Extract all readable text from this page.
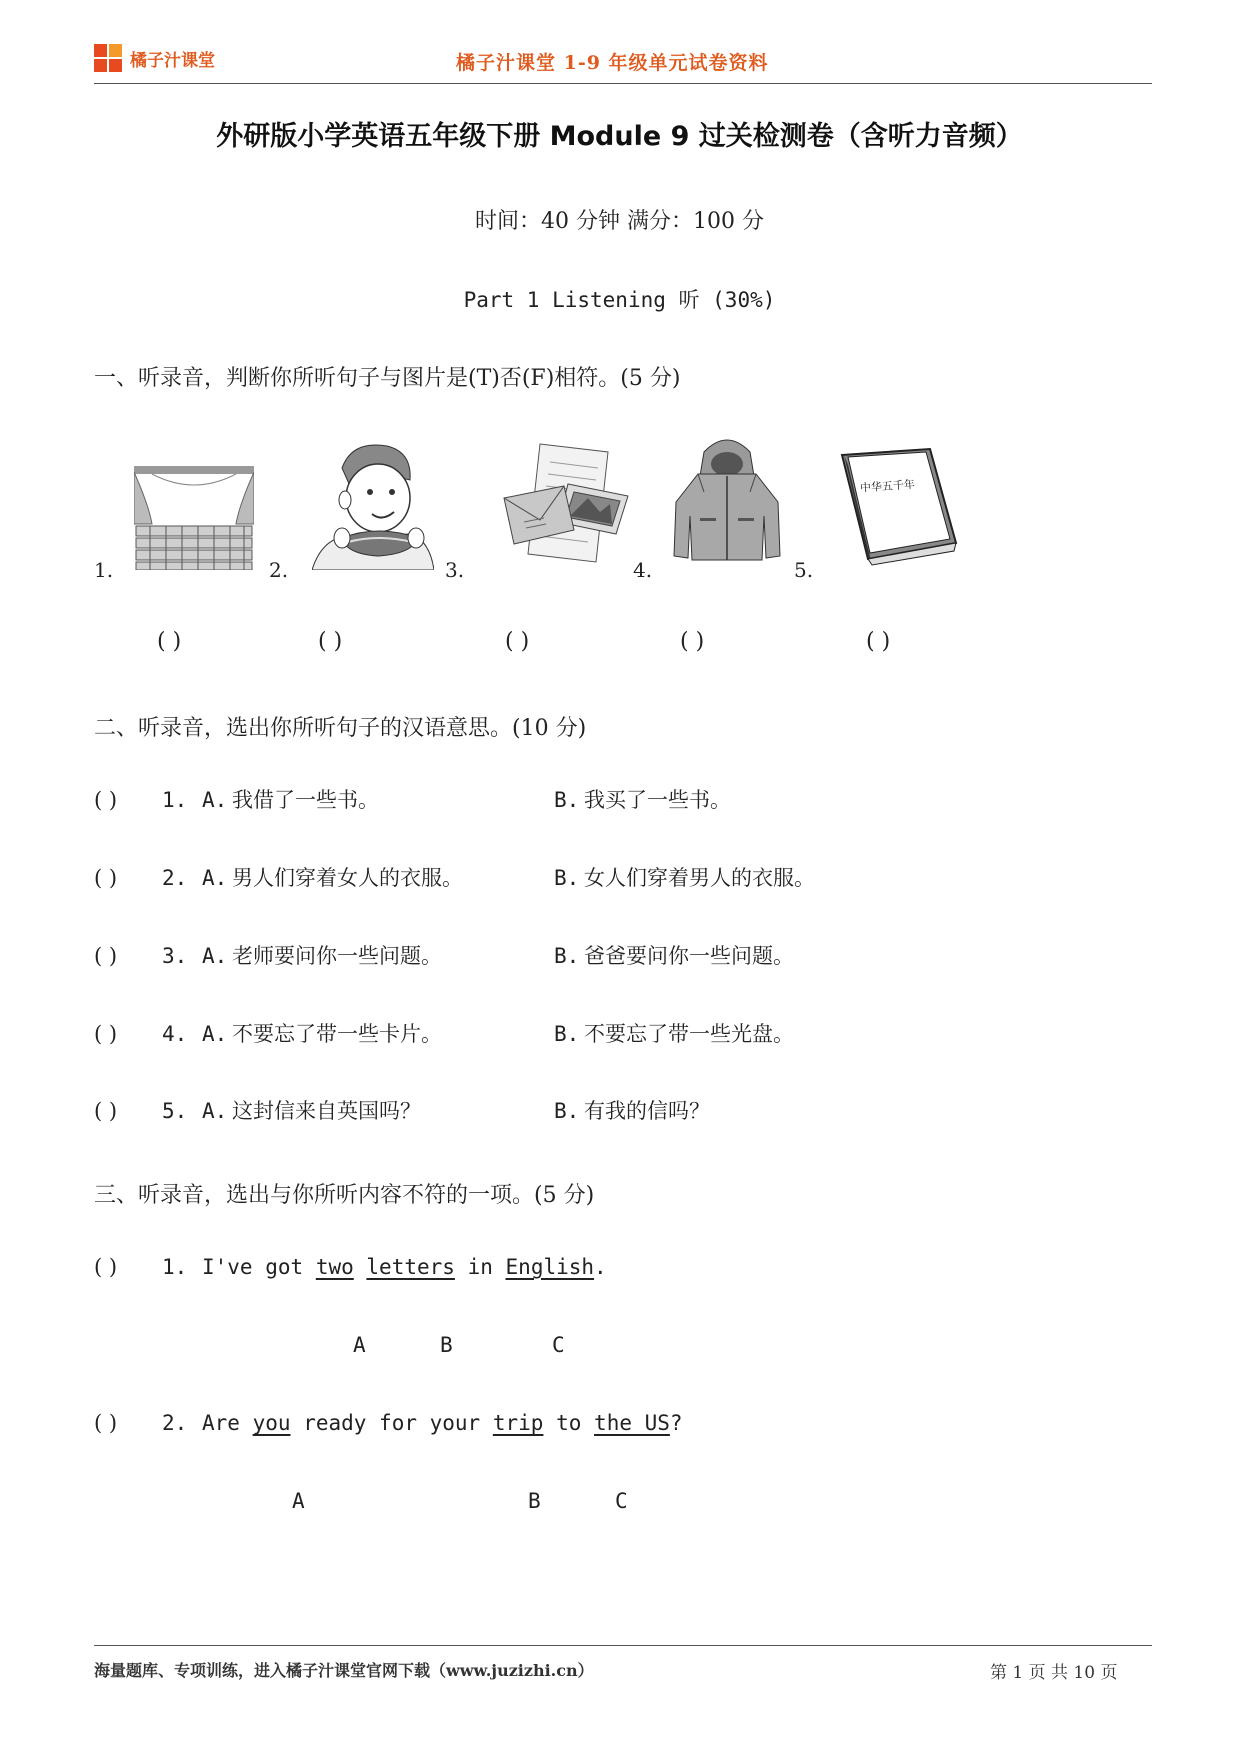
橘子汁课堂	橘子汁课堂 1-9 年级单元试卷资料
外研版小学英语五年级下册 Module 9 过关检测卷（含听力音频）
时间：40 分钟 满分：100 分
Part 1 Listening 听 (30%)
一、听录音，判断你所听句子与图片是(T)否(F)相符。(5 分)
1.	2.	3.	4.	5.
中华五千年
( )	( )	( )	( )	( )
二、听录音，选出你所听句子的汉语意思。(10 分)
( ) 1. A. 我借了一些书。	B. 我买了一些书。
( ) 2. A. 男人们穿着女人的衣服。	B. 女人们穿着男人的衣服。
( ) 3. A. 老师要问你一些问题。	B. 爸爸要问你一些问题。
( ) 4. A. 不要忘了带一些卡片。	B. 不要忘了带一些光盘。
( ) 5. A. 这封信来自英国吗？	B. 有我的信吗？
三、听录音，选出与你所听内容不符的一项。(5 分)
( ) 1. I've got two letters in English.
A	B	C
( ) 2. Are you ready for your trip to the US?
A	B	C
海量题库、专项训练，进入橘子汁课堂官网下载（www.juzizhi.cn）	第 1 页 共 10 页
